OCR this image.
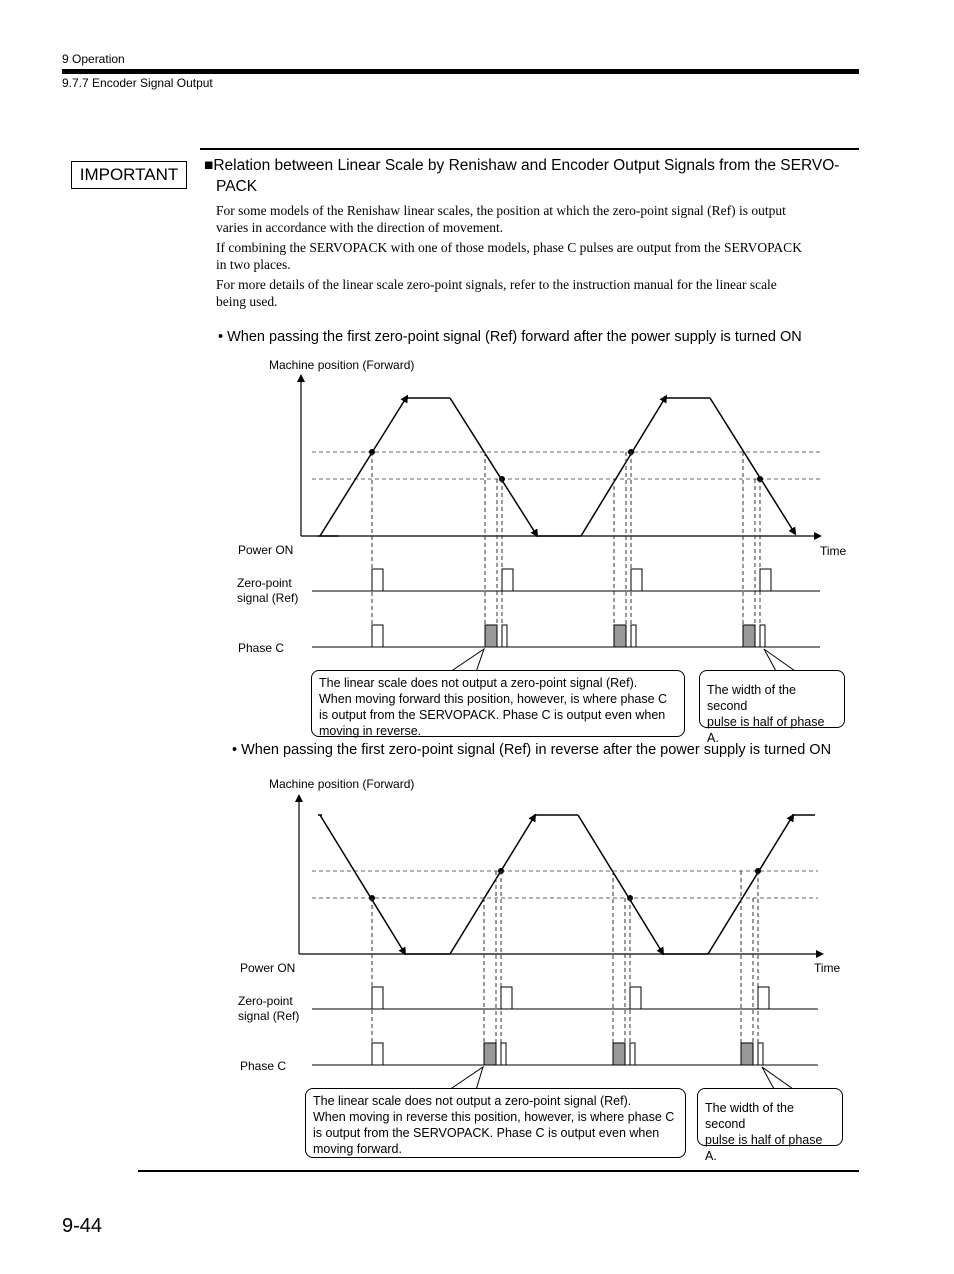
9 Operation
9.7.7 Encoder Signal Output
IMPORTANT	■Relation between Linear Scale by Renishaw and Encoder Output Signals from the SERVO-
PACK
For some models of the Renishaw linear scales, the position at which the zero-point signal (Ref) is output
varies in accordance with the direction of movement.
If combining the SERVOPACK with one of those models, phase C pulses are output from the SERVOPACK
in two places.
For more details of the linear scale zero-point signals, refer to the instruction manual for the linear scale
being used.
• When passing the first zero-point signal (Ref) forward after the power supply is turned ON
Machine position (Forward)
Power ON	Time
Zero-point
signal (Ref)
Phase C
The linear scale does not output a zero-point signal (Ref).
When moving forward this position, however, is where phase C
is output from the SERVOPACK. Phase C is output even when
moving in reverse.
The width of the second
pulse is half of phase A.
• When passing the first zero-point signal (Ref) in reverse after the power supply is turned ON
Machine position (Forward)
Power ON	Time
Zero-point
signal (Ref)
Phase C
The linear scale does not output a zero-point signal (Ref).
When moving in reverse this position, however, is where phase C
is output from the SERVOPACK. Phase C is output even when
moving forward.
The width of the second
pulse is half of phase A.
9-44
